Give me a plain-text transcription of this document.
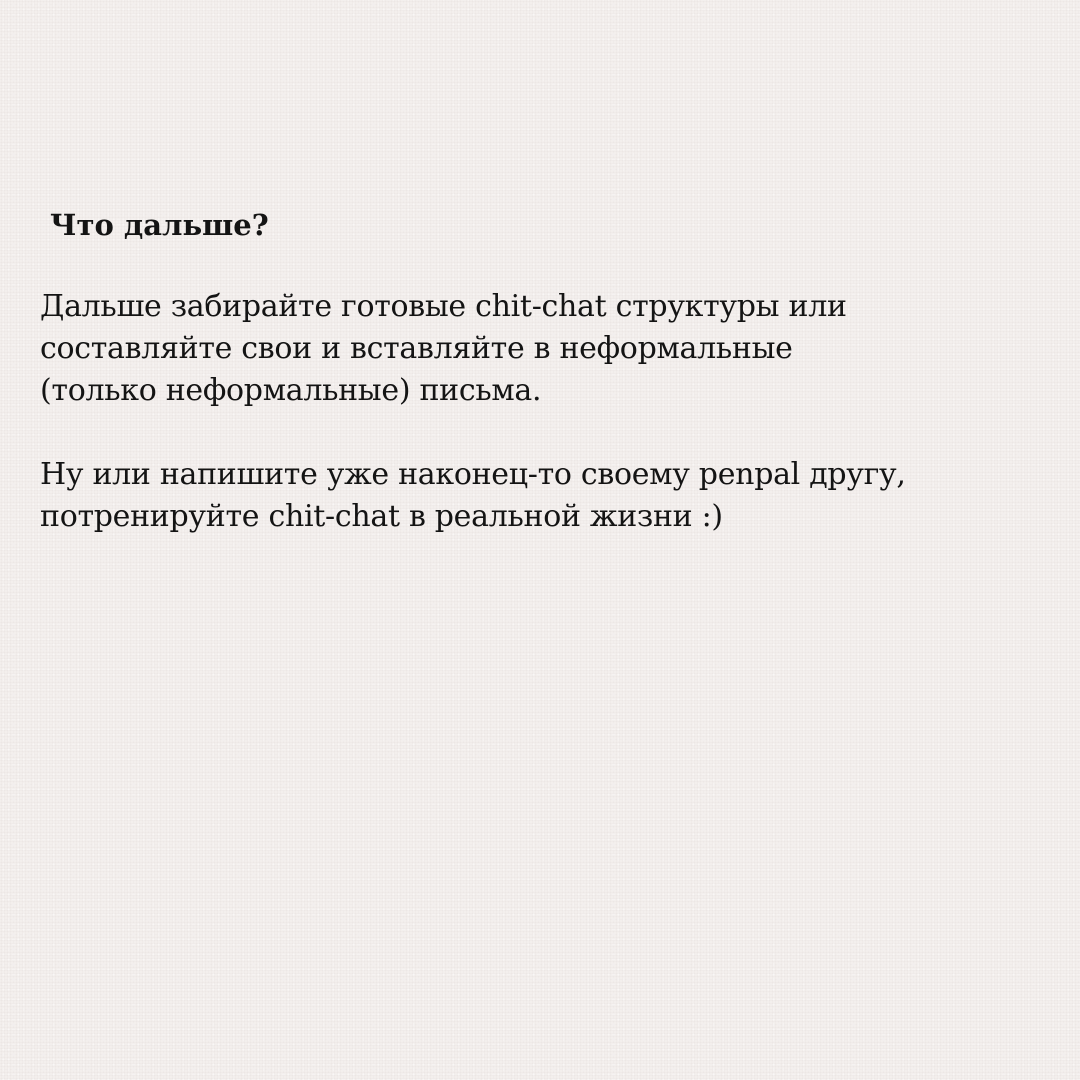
Что дальше?

Дальше забирайте готовые chit-chat структуры или
составляйте свои и вставляйте в неформальные
(только неформальные) письма.

Ну или напишите уже наконец-то своему penpal другу,
потренируйте chit-chat в реальной жизни :)
